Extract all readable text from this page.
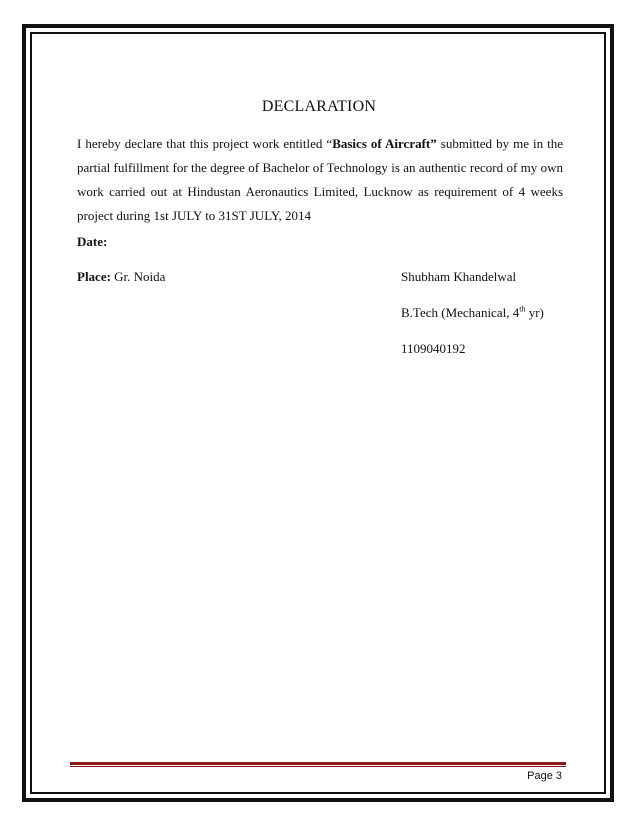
DECLARATION
I hereby declare that this project work entitled “Basics of Aircraft” submitted by me in the partial fulfillment for the degree of Bachelor of Technology is an authentic record of my own work carried out at Hindustan Aeronautics Limited, Lucknow as requirement of 4 weeks project during 1st JULY to 31ST JULY, 2014
Date:
Place: Gr. Noida	Shubham Khandelwal
B.Tech (Mechanical, 4th yr)
1109040192
Page 3
